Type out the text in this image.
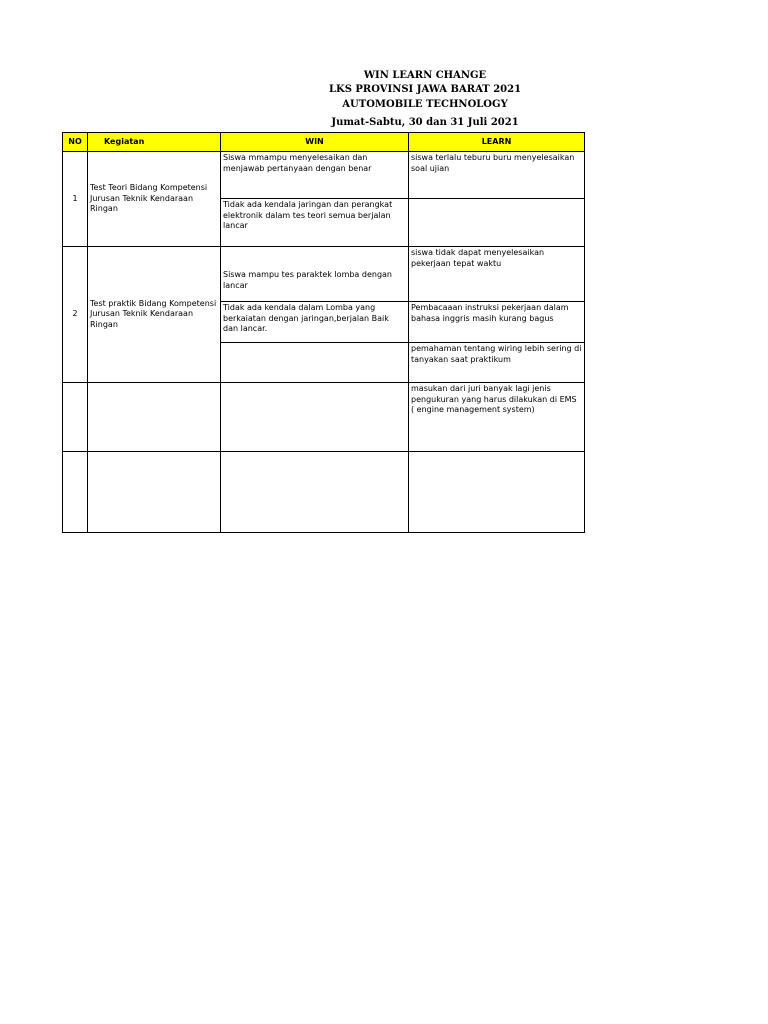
WIN LEARN CHANGE
LKS PROVINSI JAWA BARAT 2021
AUTOMOBILE TECHNOLOGY
Jumat-Sabtu, 30 dan 31 Juli 2021
NO	Kegiatan	WIN	LEARN
1	Test Teori Bidang Kompetensi Jurusan Teknik Kendaraan Ringan	Siswa mmampu menyelesaikan dan menjawab pertanyaan dengan benar	siswa terlalu teburu buru menyelesaikan soal ujian
		Tidak ada kendala jaringan dan perangkat elektronik dalam tes teori semua berjalan lancar	
2	Test praktik Bidang Kompetensi Jurusan Teknik Kendaraan Ringan	Siswa mampu tes paraktek lomba dengan lancar	siswa tidak dapat menyelesaikan pekerjaan tepat waktu
		Tidak ada kendala dalam Lomba yang berkaiatan dengan jaringan,berjalan Baik dan lancar.	Pembacaaan instruksi pekerjaan dalam bahasa inggris masih kurang bagus
			pemahaman tentang wiring lebih sering di tanyakan saat praktikum
			masukan dari juri banyak lagi jenis pengukuran yang harus dilakukan di EMS ( engine management system)
